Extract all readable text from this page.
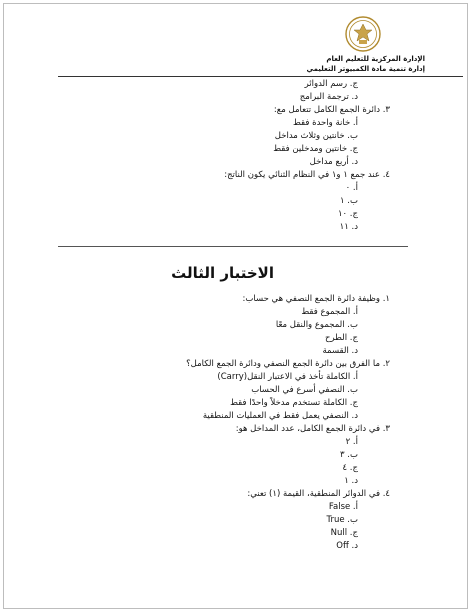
الإدارة المركزية للتعليم العام
إدارة تنمية مادة الكمبيوتر التعليمي
ج. رسم الدوائر
د. ترجمة البرامج
٣. دائرة الجمع الكامل تتعامل مع:
أ. خانة واحدة فقط
ب. خانتين وثلاث مداخل
ج. خانتين ومدخلين فقط
د. أربع مداخل
٤. عند جمع ١ و١ في النظام الثنائي يكون الناتج:
أ. ٠
ب. ١
ج. ١٠
د. ١١
الاختبار الثالث
١. وظيفة دائرة الجمع النصفي هي حساب:
أ. المجموع فقط
ب. المجموع والنقل معًا
ج. الطرح
د. القسمة
٢. ما الفرق بين دائرة الجمع النصفي ودائرة الجمع الكامل؟
أ. الكاملة تأخذ في الاعتبار النقل(Carry)
ب. النصفي أسرع في الحساب
ج. الكاملة تستخدم مدخلاً واحدًا فقط
د. النصفي يعمل فقط في العمليات المنطقية
٣. في دائرة الجمع الكامل، عدد المداخل هو:
أ. ٢
ب. ٣
ج. ٤
د. ١
٤. في الدوائر المنطقية، القيمة (١) تعني:
أ. False
ب. True
ج. Null
د. Off
